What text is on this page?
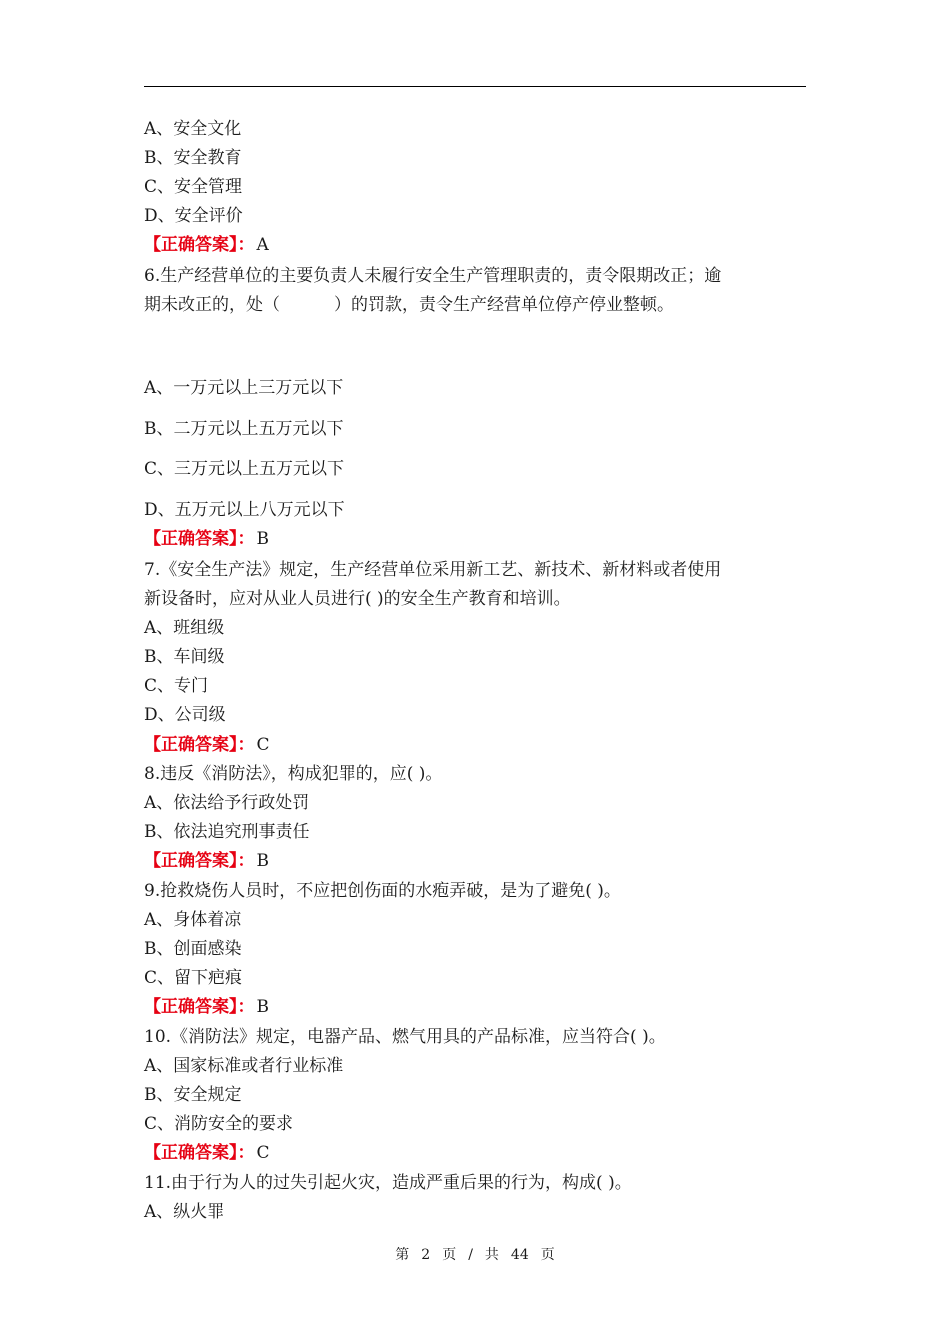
A、安全文化
B、安全教育
C、安全管理
D、安全评价
【正确答案】： A
6.生产经营单位的主要负责人未履行安全生产管理职责的，责令限期改正；逾
期未改正的，处（          ）的罚款，责令生产经营单位停产停业整顿。
A、一万元以上三万元以下
B、二万元以上五万元以下
C、三万元以上五万元以下
D、五万元以上八万元以下
【正确答案】： B
7.《安全生产法》规定，生产经营单位采用新工艺、新技术、新材料或者使用
新设备时，应对从业人员进行( )的安全生产教育和培训。
A、班组级
B、车间级
C、专门
D、公司级
【正确答案】： C
8.违反《消防法》，构成犯罪的，应( )。
A、依法给予行政处罚
B、依法追究刑事责任
【正确答案】： B
9.抢救烧伤人员时，不应把创伤面的水疱弄破，是为了避免( )。
A、身体着凉
B、创面感染
C、留下疤痕
【正确答案】： B
10.《消防法》规定，电器产品、燃气用具的产品标准，应当符合( )。
A、国家标准或者行业标准
B、安全规定
C、消防安全的要求
【正确答案】： C
11.由于行为人的过失引起火灾，造成严重后果的行为，构成( )。
A、纵火罪
第 2 页 / 共 44 页
